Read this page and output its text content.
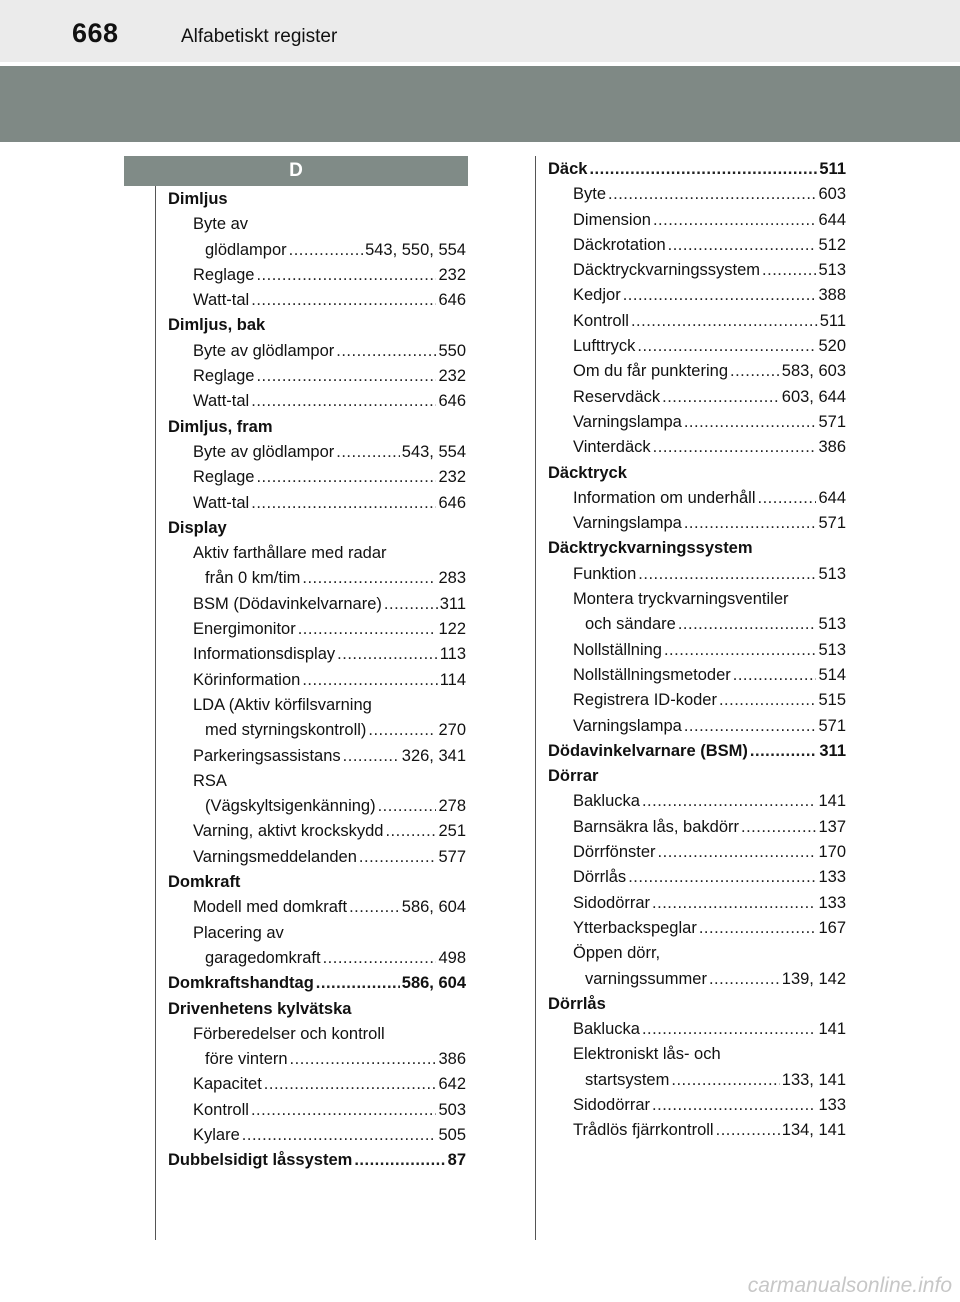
668	Alfabetiskt register
D
Dimljus
Byte av
glödlampor .....	543, 550, 554
Reglage .....	232
Watt-tal .....	646
Dimljus, bak
Byte av glödlampor .....	550
Reglage .....	232
Watt-tal .....	646
Dimljus, fram
Byte av glödlampor .....	543, 554
Reglage .....	232
Watt-tal .....	646
Display
Aktiv farthållare med radar
från 0 km/tim .....	283
BSM (Dödavinkelvarnare) .....	311
Energimonitor .....	122
Informationsdisplay .....	113
Körinformation .....	114
LDA (Aktiv körfilsvarning
med styrningskontroll) .....	270
Parkeringsassistans .....	326, 341
RSA
(Vägskyltsigenkänning) .....	278
Varning, aktivt krockskydd .....	251
Varningsmeddelanden .....	577
Domkraft
Modell med domkraft .....	586, 604
Placering av
garagedomkraft .....	498
Domkraftshandtag .....	586, 604
Drivenhetens kylvätska
Förberedelser och kontroll
före vintern .....	386
Kapacitet .....	642
Kontroll .....	503
Kylare .....	505
Dubbelsidigt låssystem .....	87
Däck .....	511
Byte .....	603
Dimension .....	644
Däckrotation .....	512
Däcktryckvarningssystem .....	513
Kedjor .....	388
Kontroll .....	511
Lufttryck .....	520
Om du får punktering .....	583, 603
Reservdäck .....	603, 644
Varningslampa .....	571
Vinterdäck .....	386
Däcktryck
Information om underhåll .....	644
Varningslampa .....	571
Däcktryckvarningssystem
Funktion .....	513
Montera tryckvarningsventiler
och sändare .....	513
Nollställning .....	513
Nollställningsmetoder .....	514
Registrera ID-koder .....	515
Varningslampa .....	571
Dödavinkelvarnare (BSM) .....	311
Dörrar
Baklucka .....	141
Barnsäkra lås, bakdörr .....	137
Dörrfönster .....	170
Dörrlås .....	133
Sidodörrar .....	133
Ytterbackspeglar .....	167
Öppen dörr,
varningssummer .....	139, 142
Dörrlås
Baklucka .....	141
Elektroniskt lås- och
startsystem .....	133, 141
Sidodörrar .....	133
Trådlös fjärrkontroll .....	134, 141
carmanualsonline.info
